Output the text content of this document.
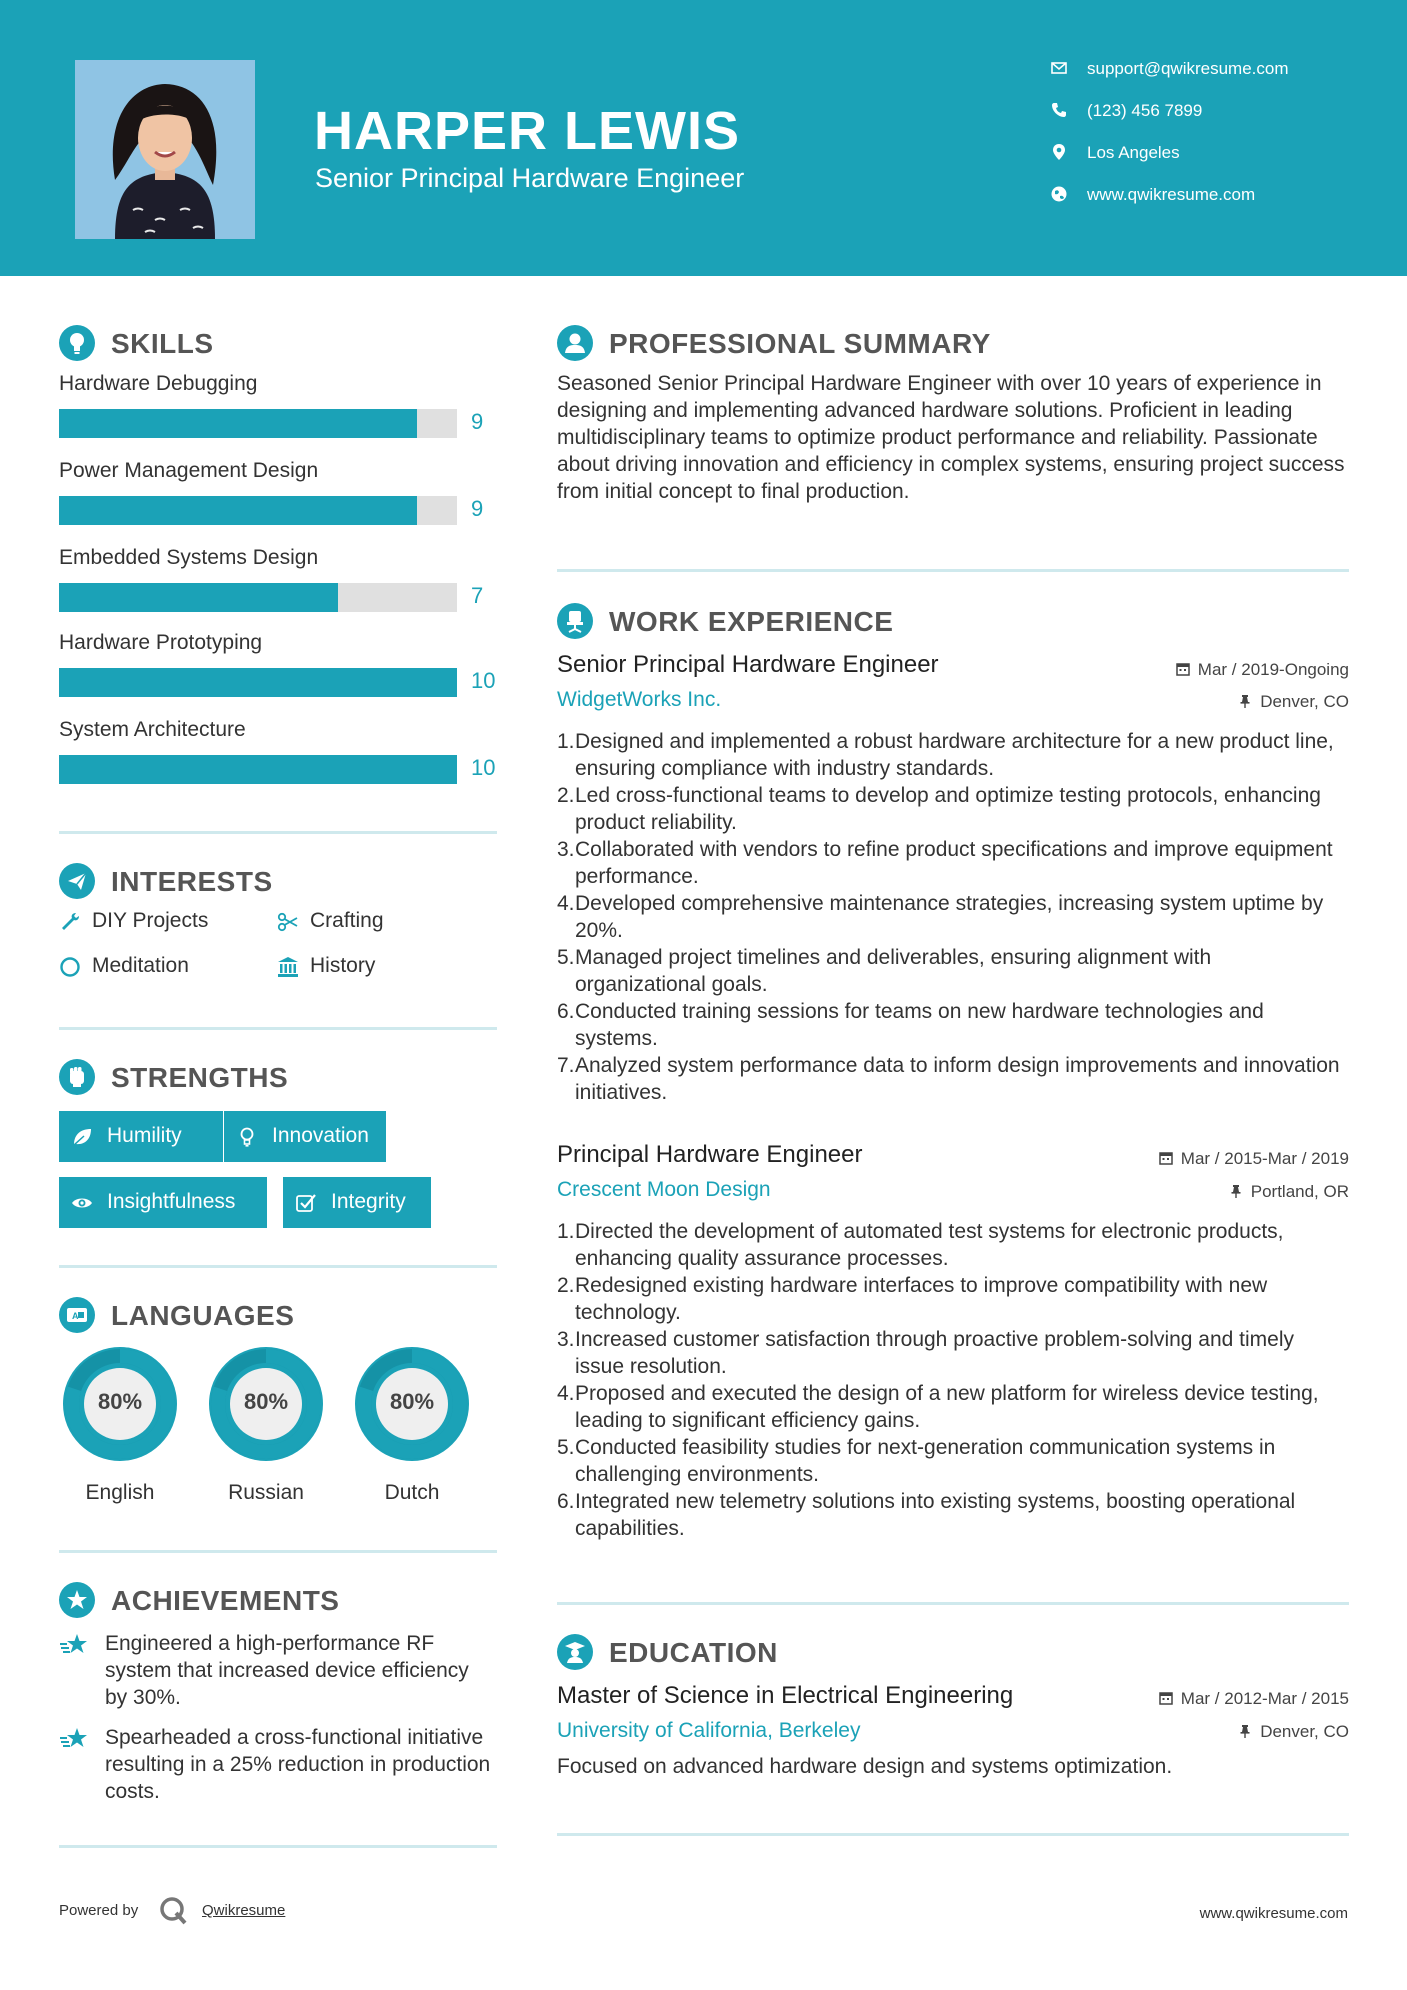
HARPER LEWIS
Senior Principal Hardware Engineer
support@qwikresume.com
(123) 456 7899
Los Angeles
www.qwikresume.com
SKILLS
Hardware Debugging
9
Power Management Design
9
Embedded Systems Design
7
Hardware Prototyping
10
System Architecture
10
INTERESTS
DIY Projects	Crafting
Meditation	History
STRENGTHS
Humility	Innovation
Insightfulness	Integrity
A LANGUAGES
80%
English
80%
Russian
80%
Dutch
ACHIEVEMENTS
Engineered a high-performance RF system that increased device efficiency by 30%.
Spearheaded a cross-functional initiative resulting in a 25% reduction in production costs.
PROFESSIONAL SUMMARY
Seasoned Senior Principal Hardware Engineer with over 10 years of experience in designing and implementing advanced hardware solutions. Proficient in leading multidisciplinary teams to optimize product performance and reliability. Passionate about driving innovation and efficiency in complex systems, ensuring project success from initial concept to final production.
WORK EXPERIENCE
Senior Principal Hardware Engineer	Mar / 2019-Ongoing
WidgetWorks Inc.	Denver, CO
1. Designed and implemented a robust hardware architecture for a new product line, ensuring compliance with industry standards.
2. Led cross-functional teams to develop and optimize testing protocols, enhancing product reliability.
3. Collaborated with vendors to refine product specifications and improve equipment performance.
4. Developed comprehensive maintenance strategies, increasing system uptime by 20%.
5. Managed project timelines and deliverables, ensuring alignment with organizational goals.
6. Conducted training sessions for teams on new hardware technologies and systems.
7. Analyzed system performance data to inform design improvements and innovation initiatives.
Principal Hardware Engineer	Mar / 2015-Mar / 2019
Crescent Moon Design	Portland, OR
1. Directed the development of automated test systems for electronic products, enhancing quality assurance processes.
2. Redesigned existing hardware interfaces to improve compatibility with new technology.
3. Increased customer satisfaction through proactive problem-solving and timely issue resolution.
4. Proposed and executed the design of a new platform for wireless device testing, leading to significant efficiency gains.
5. Conducted feasibility studies for next-generation communication systems in challenging environments.
6. Integrated new telemetry solutions into existing systems, boosting operational capabilities.
EDUCATION
Master of Science in Electrical Engineering	Mar / 2012-Mar / 2015
University of California, Berkeley	Denver, CO
Focused on advanced hardware design and systems optimization.
Powered by	Qwikresume	www.qwikresume.com
